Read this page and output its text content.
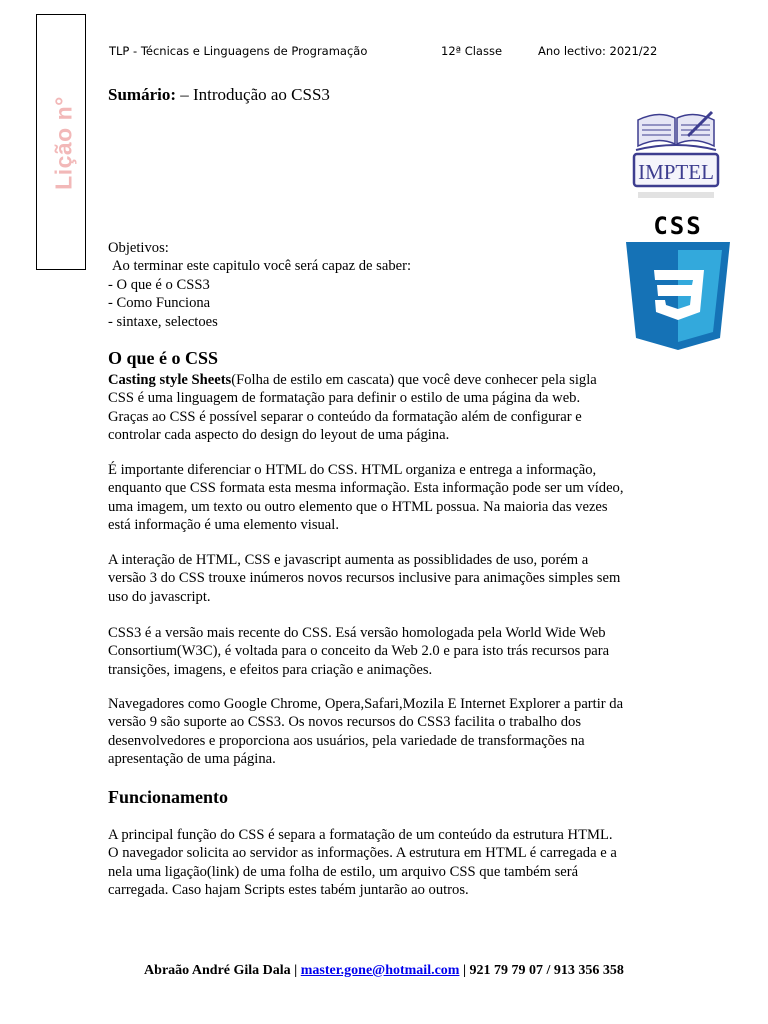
Lição n°
TLP - Técnicas e Linguagens de Programação	12ª Classe	Ano lectivo: 2021/22
Sumário: – Introdução ao CSS3
IMPTEL
CSS
Objetivos:
Ao terminar este capitulo você será capaz de saber:
- O que é o CSS3
- Como Funciona
- sintaxe, selectoes
O que é o CSS
Casting style Sheets(Folha de estilo em cascata) que você deve conhecer pela sigla
CSS é uma linguagem de formatação para definir o estilo de uma página da web.
Graças ao CSS é possível separar o conteúdo da formatação além de configurar e
controlar cada aspecto do design do leyout de uma página.
É importante diferenciar o HTML do CSS. HTML organiza e entrega a informação,
enquanto que CSS formata esta mesma informação. Esta informação pode ser um vídeo,
uma imagem, um texto ou outro elemento que o HTML possua. Na maioria das vezes
está informação é uma elemento visual.
A interação de HTML, CSS e javascript aumenta as possiblidades de uso, porém a
versão 3 do CSS trouxe inúmeros novos recursos inclusive para animações simples sem
uso do javascript.
CSS3 é a versão mais recente do CSS. Esá versão homologada pela World Wide Web
Consortium(W3C), é voltada para o conceito da Web 2.0 e para isto trás recursos para
transições, imagens, e efeitos para criação e animações.
Navegadores como Google Chrome, Opera,Safari,Mozila E Internet Explorer a partir da
versão 9 são suporte ao CSS3. Os novos recursos do CSS3 facilita o trabalho dos
desenvolvedores e proporciona aos usuários, pela variedade de transformações na
apresentação de uma página.
Funcionamento
A principal função do CSS é separa a formatação de um conteúdo da estrutura HTML.
O navegador solicita ao servidor as informações. A estrutura em HTML é carregada e a
nela uma ligação(link) de uma folha de estilo, um arquivo CSS que também será
carregada. Caso hajam Scripts estes tabém juntarão ao outros.
Abraão André Gila Dala | master.gone@hotmail.com | 921 79 79 07 / 913 356 358
